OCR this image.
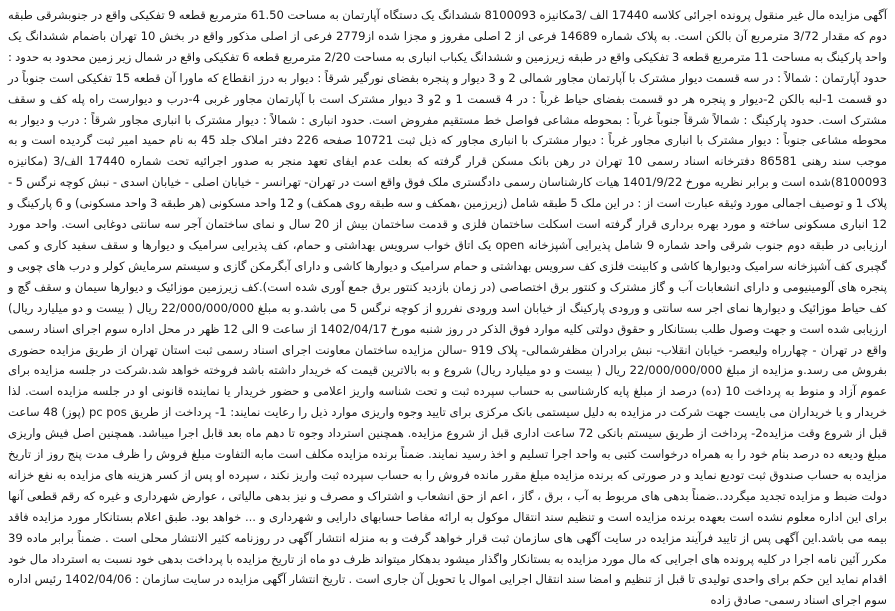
آگهی مزایده مال غیر منقول پرونده اجرائی کلاسه 17440 الف /3مکانیزه 8100093 ششدانگ یک دستگاه آپارتمان به مساحت 61.50 مترمربع قطعه 9 تفکیکی واقع در جنوبشرقی طبقه دوم که مقدار 3/72 مترمربع آن بالکن است. به پلاک شماره 14689 فرعی از 2 اصلی مفروز و مجزا شده از2779 فرعی از اصلی مذکور واقع در بخش 10 تهران باضمام ششدانگ یک واحد پارکینگ به مساحت 11 مترمربع قطعه 3 تفکیکی واقع در طبقه زیرزمین و ششدانگ یکباب انباری به مساحت 2/20 مترمربع قطعه 6 تفکیکی واقع در شمال زیر زمین محدود به حدود : حدود آپارتمان : شمالاً : در سه قسمت دیوار مشترک با آپارتمان مجاور شمالی 2 و 3 دیوار و پنجره بفضای نورگیر شرقاً : دیوار به درز انقطاع که ماورا آن قطعه 15 تفکیکی است جنوباً در دو قسمت 1-لبه بالکن 2-دیوار و پنجره هر دو قسمت بفضای حیاط غرباً : در 4 قسمت 1 و 2و 3 دیوار مشترک است با آپارتمان مجاور غربی 4-درب و دیوارست راه پله کف و سقف مشترک است. حدود پارکینگ : شمالاً شرقاً جنوباً غرباً : بمحوطه مشاعی فواصل خط مستقیم مفروض است. حدود انباری : شمالاً : دیوار مشترک با انباری مجاور شرقاً : درب و دیوار به محوطه مشاعی جنوباً : دیوار مشترک با انباری مجاور غرباً : دیوار مشترک با انباری مجاور که ذیل ثبت 10721 صفحه 226 دفتر املاک جلد 45 به نام حمید امیر ثبت گردیده است و به موجب سند رهنی 86581 دفترخانه اسناد رسمی 10 تهران در رهن بانک مسکن قرار گرفته که بعلت عدم ایفای تعهد منجر به صدور اجرائیه تحت شماره 17440 الف/3 (مکانیزه 8100093)شده است و برابر نظریه مورخ 1401/9/22 هیات کارشناسان رسمی دادگستری ملک فوق واقع است در تهران- تهرانسر - خیابان اصلی - خیابان اسدی - نبش کوچه نرگس 5 - پلاک 1 و توصیف اجمالی مورد وثیقه عبارت است از : در این ملک 5 طبقه شامل (زیرزمین ،همکف و سه طبقه روی همکف) و 12 واحد مسکونی (هر طبقه 3 واحد مسکونی) و 6 پارکینگ و 12 انباری مسکونی ساخته و مورد بهره برداری قرار گرفته است اسکلت ساختمان فلزی و قدمت ساختمان بیش از 20 سال و نمای ساختمان آجر سه سانتی دوغابی است. واحد مورد ارزیابی در طبقه دوم جنوب شرقی واحد شماره 9 شامل پذیرایی آشپزخانه open یک اتاق خواب سرویس بهداشتی و حمام، کف پذیرایی سرامیک و دیوارها و سقف سفید کاری و کمی گچبری کف آشپزخانه سرامیک ودیوارها کاشی و کابینت فلزی کف سرویس بهداشتی و حمام سرامیک و دیوارها کاشی و دارای آبگرمکن گازی و سیستم سرمایش کولر و درب های چوبی و پنجره های آلومینیومی و دارای انشعابات آب و گاز مشترک و کنتور برق اختصاصی (در زمان بازدید کنتور برق جمع آوری شده است).کف زیرزمین موزائیک و دیوارها سیمان و سقف گچ و کف حیاط موزائیک و دیوارها نمای اجر سه سانتی و ورودی پارکینگ از خیابان اسد ورودی نفررو از کوچه نرگس 5 می باشد.و به مبلغ 22/000/000/000 ریال ( بیست و دو میلیارد ریال) ارزیابی شده است و جهت وصول طلب بستانکار و حقوق دولتی کلیه موارد فوق الذکر در روز شنبه مورخ 1402/04/17 از ساعت 9 الی 12 ظهر در محل اداره سوم اجرای اسناد رسمی واقع در تهران - چهارراه ولیعصر- خیابان انقلاب- نبش برادران مظفرشمالی- پلاک 919 -سالن مزایده ساختمان معاونت اجرای اسناد رسمی ثبت استان تهران از طریق مزایده حضوری بفروش می رسد.و مزایده از مبلغ 22/000/000/000 ریال ( بیست و دو میلیارد ریال) شروع و به بالاترین قیمت که خریدار داشته باشد فروخته خواهد شد.شرکت در جلسه مزایده برای عموم آزاد و منوط به پرداخت 10 (ده) درصد از مبلغ پایه کارشناسی به حساب سپرده ثبت و تحت شناسه واریز اعلامی و حضور خریدار یا نماینده قانونی او در جلسه مزایده است. لذا خریدار و یا خریداران می بایست جهت شرکت در مزایده به دلیل سیستمی بانک مرکزی برای تایید وجوه واریزی موارد ذیل را رعایت نمایند: 1- پرداخت از طریق pc pos (پوز) 48 ساعت قبل از شروع وقت مزایده2- پرداخت از طریق سیستم بانکی 72 ساعت اداری قبل از شروع مزایده. همچنین استرداد وجوه تا دهم ماه بعد قابل اجرا میباشد. همچنین اصل فیش واریزی مبلغ ودیعه ده درصد بنام خود را به همراه درخواست کتبی به واحد اجرا تسلیم و اخذ رسید نمایند. ضمناً برنده مزایده مکلف است مابه التفاوت مبلغ فروش را ظرف مدت پنج روز از تاریخ مزایده به حساب صندوق ثبت تودیع نماید و در صورتی که برنده مزایده مبلغ مقرر مانده فروش را به حساب سپرده ثبت واریز نکند ، سپرده او پس از کسر هزینه های مزایده به نفع خزانه دولت ضبط و مزایده تجدید میگردد..ضمناً بدهی های مربوط به آب ، برق ، گاز ، اعم از حق انشعاب و اشتراک و مصرف و نیز بدهی مالیاتی ، عوارض شهرداری و غیره که رقم قطعی آنها برای این اداره معلوم نشده است بعهده برنده مزایده است و تنظیم سند انتقال موکول به ارائه مفاصا حسابهای دارایی و شهرداری و ... خواهد بود. طبق اعلام بستانکار مورد مزایده فاقد بیمه می باشد.این آگهی پس از تایید فرآیند مزایده در سایت آگهی های سازمان ثبت قرار خواهد گرفت و به منزله انتشار آگهی در روزنامه کثیر الانتشار محلی است . ضمناً برابر ماده 39 مکرر آئین نامه اجرا در کلیه پرونده های اجرایی که مال مورد مزایده به بستانکار واگذار میشود بدهکار میتواند ظرف دو ماه از تاریخ مزایده با پرداخت بدهی خود نسبت به استرداد مال خود اقدام نماید این حکم برای واحدی تولیدی تا قبل از تنظیم و امضا سند انتقال اجرایی اموال یا تحویل آن جاری است . تاریخ انتشار آگهی مزایده در سایت سازمان : 1402/04/06 رئیس اداره سوم اجرای اسناد رسمی- صادق زاده
